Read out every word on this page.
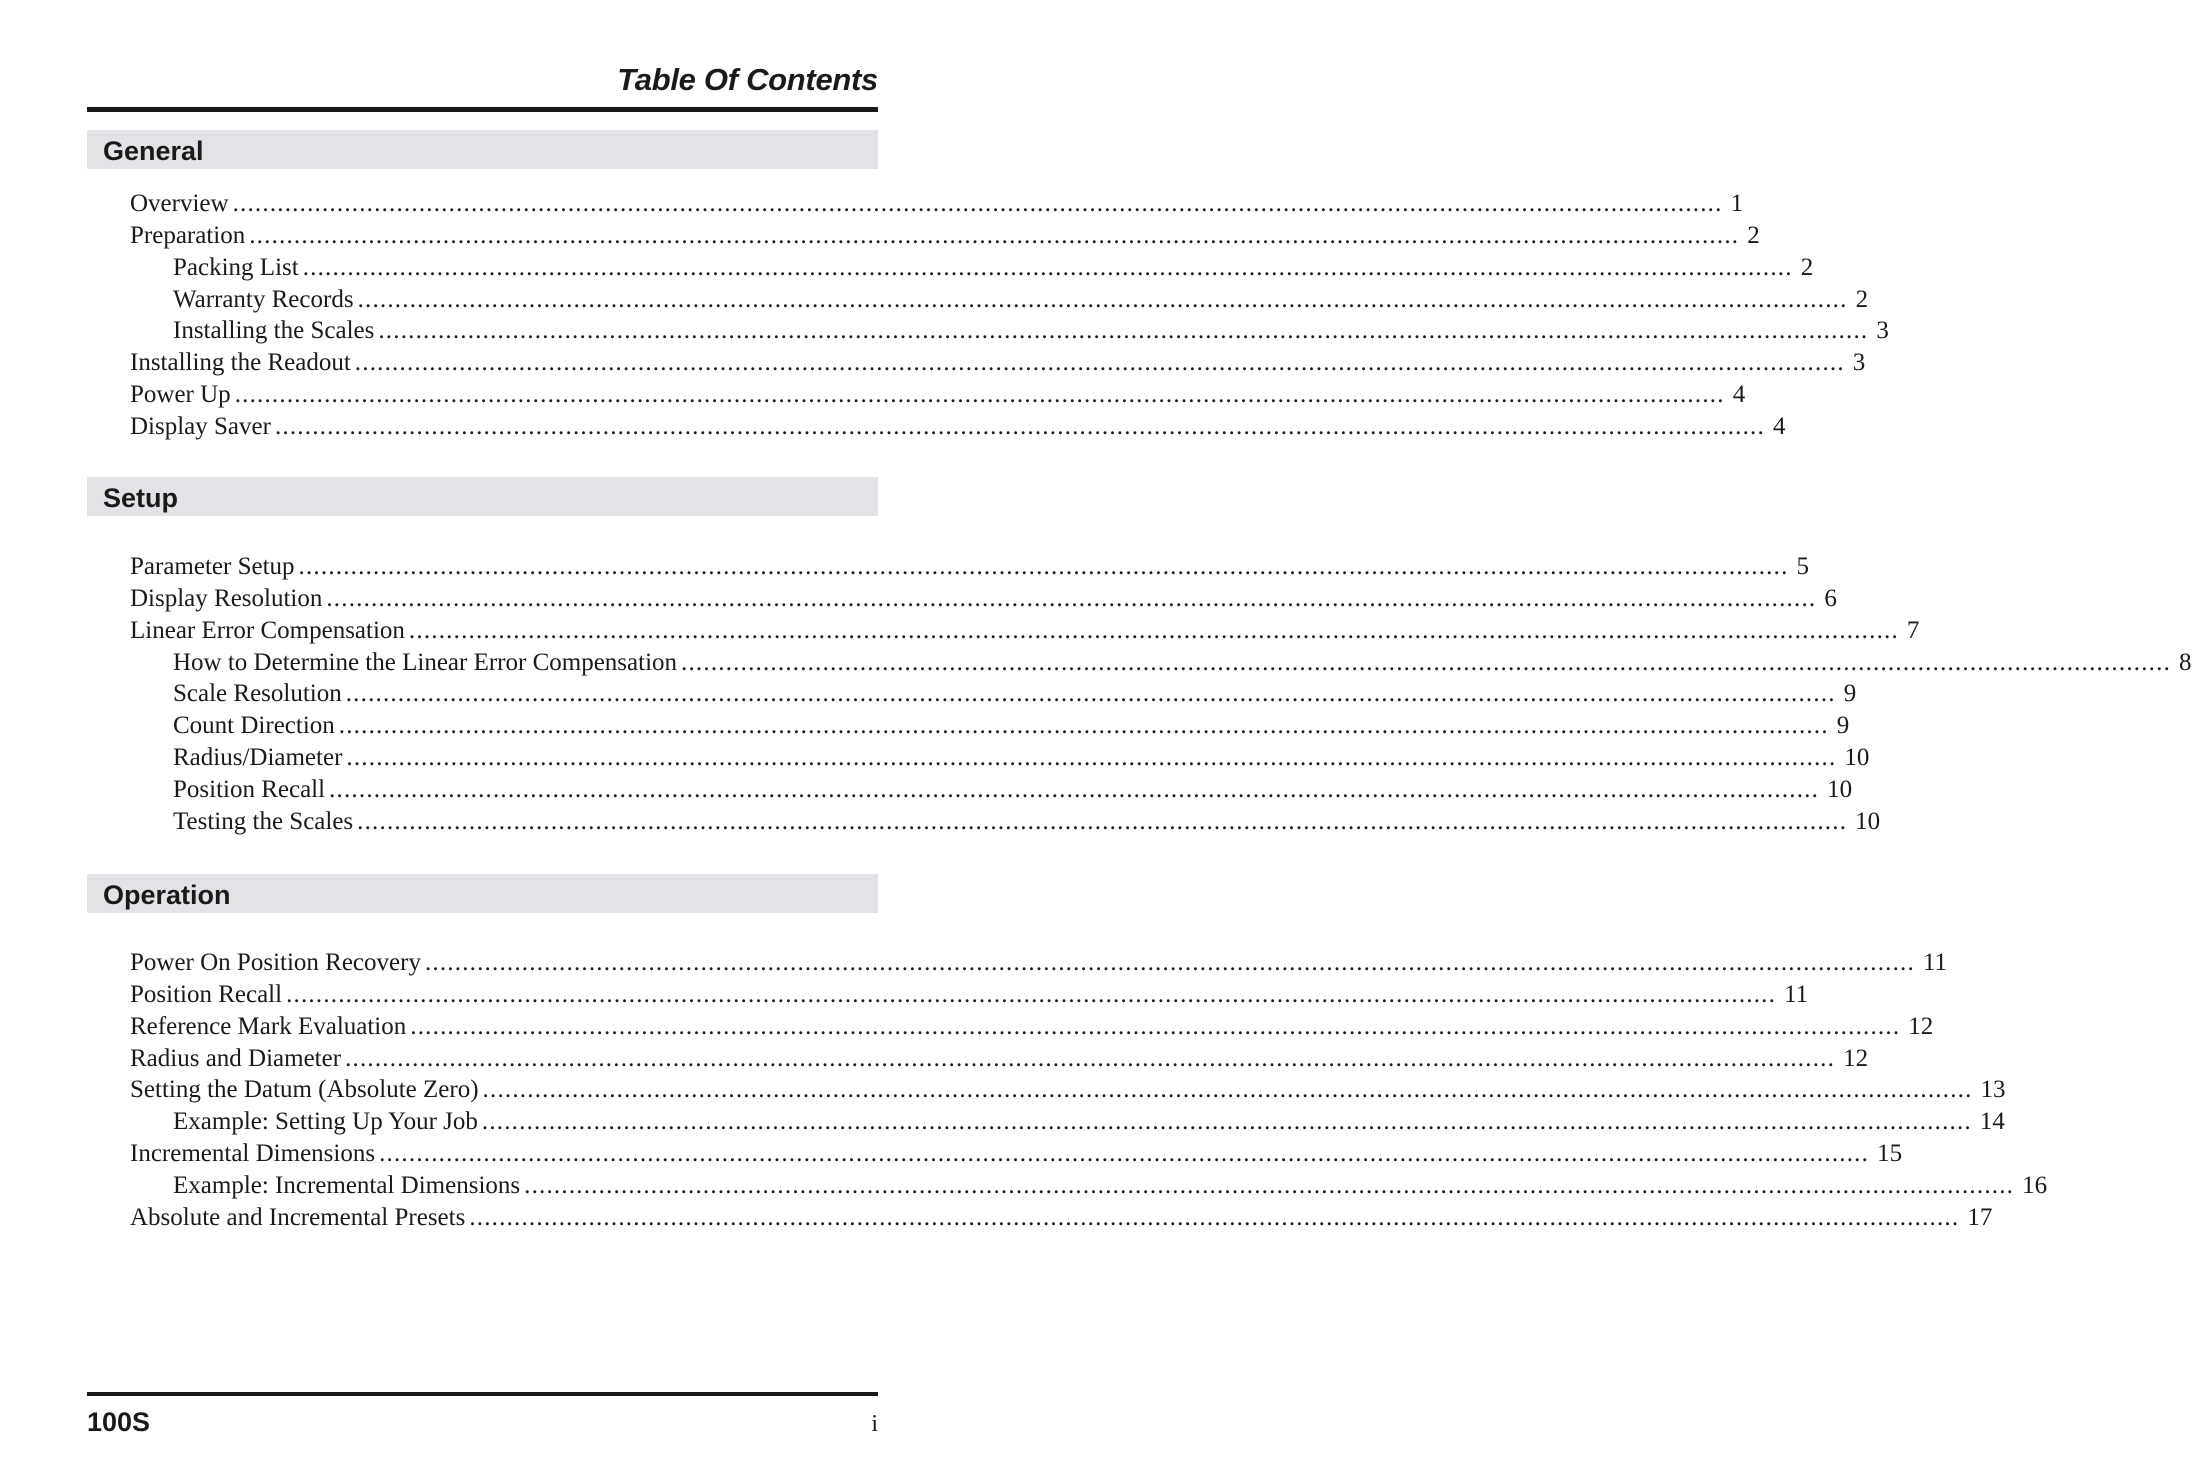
Table Of Contents
General
Overview ........................................................................................................................................................................................................ 1
Preparation ........................................................................................................................................................................................................ 2
Packing List ........................................................................................................................................................................................................ 2
Warranty Records ........................................................................................................................................................................................................ 2
Installing the Scales ........................................................................................................................................................................................................ 3
Installing the Readout ........................................................................................................................................................................................................ 3
Power Up ........................................................................................................................................................................................................ 4
Display Saver ........................................................................................................................................................................................................ 4
Setup
Parameter Setup ........................................................................................................................................................................................................ 5
Display Resolution ........................................................................................................................................................................................................ 6
Linear Error Compensation ........................................................................................................................................................................................................ 7
How to Determine the Linear Error Compensation ........................................................................................................................................................................................................ 8
Scale Resolution ........................................................................................................................................................................................................ 9
Count Direction ........................................................................................................................................................................................................ 9
Radius/Diameter ........................................................................................................................................................................................................ 10
Position Recall ........................................................................................................................................................................................................ 10
Testing the Scales ........................................................................................................................................................................................................ 10
Operation
Power On Position Recovery ........................................................................................................................................................................................................ 11
Position Recall ........................................................................................................................................................................................................ 11
Reference Mark Evaluation ........................................................................................................................................................................................................ 12
Radius and Diameter ........................................................................................................................................................................................................ 12
Setting the Datum (Absolute Zero) ........................................................................................................................................................................................................ 13
Example: Setting Up Your Job ........................................................................................................................................................................................................ 14
Incremental Dimensions ........................................................................................................................................................................................................ 15
Example: Incremental Dimensions ........................................................................................................................................................................................................ 16
Absolute and Incremental Presets ........................................................................................................................................................................................................ 17

100S	i
